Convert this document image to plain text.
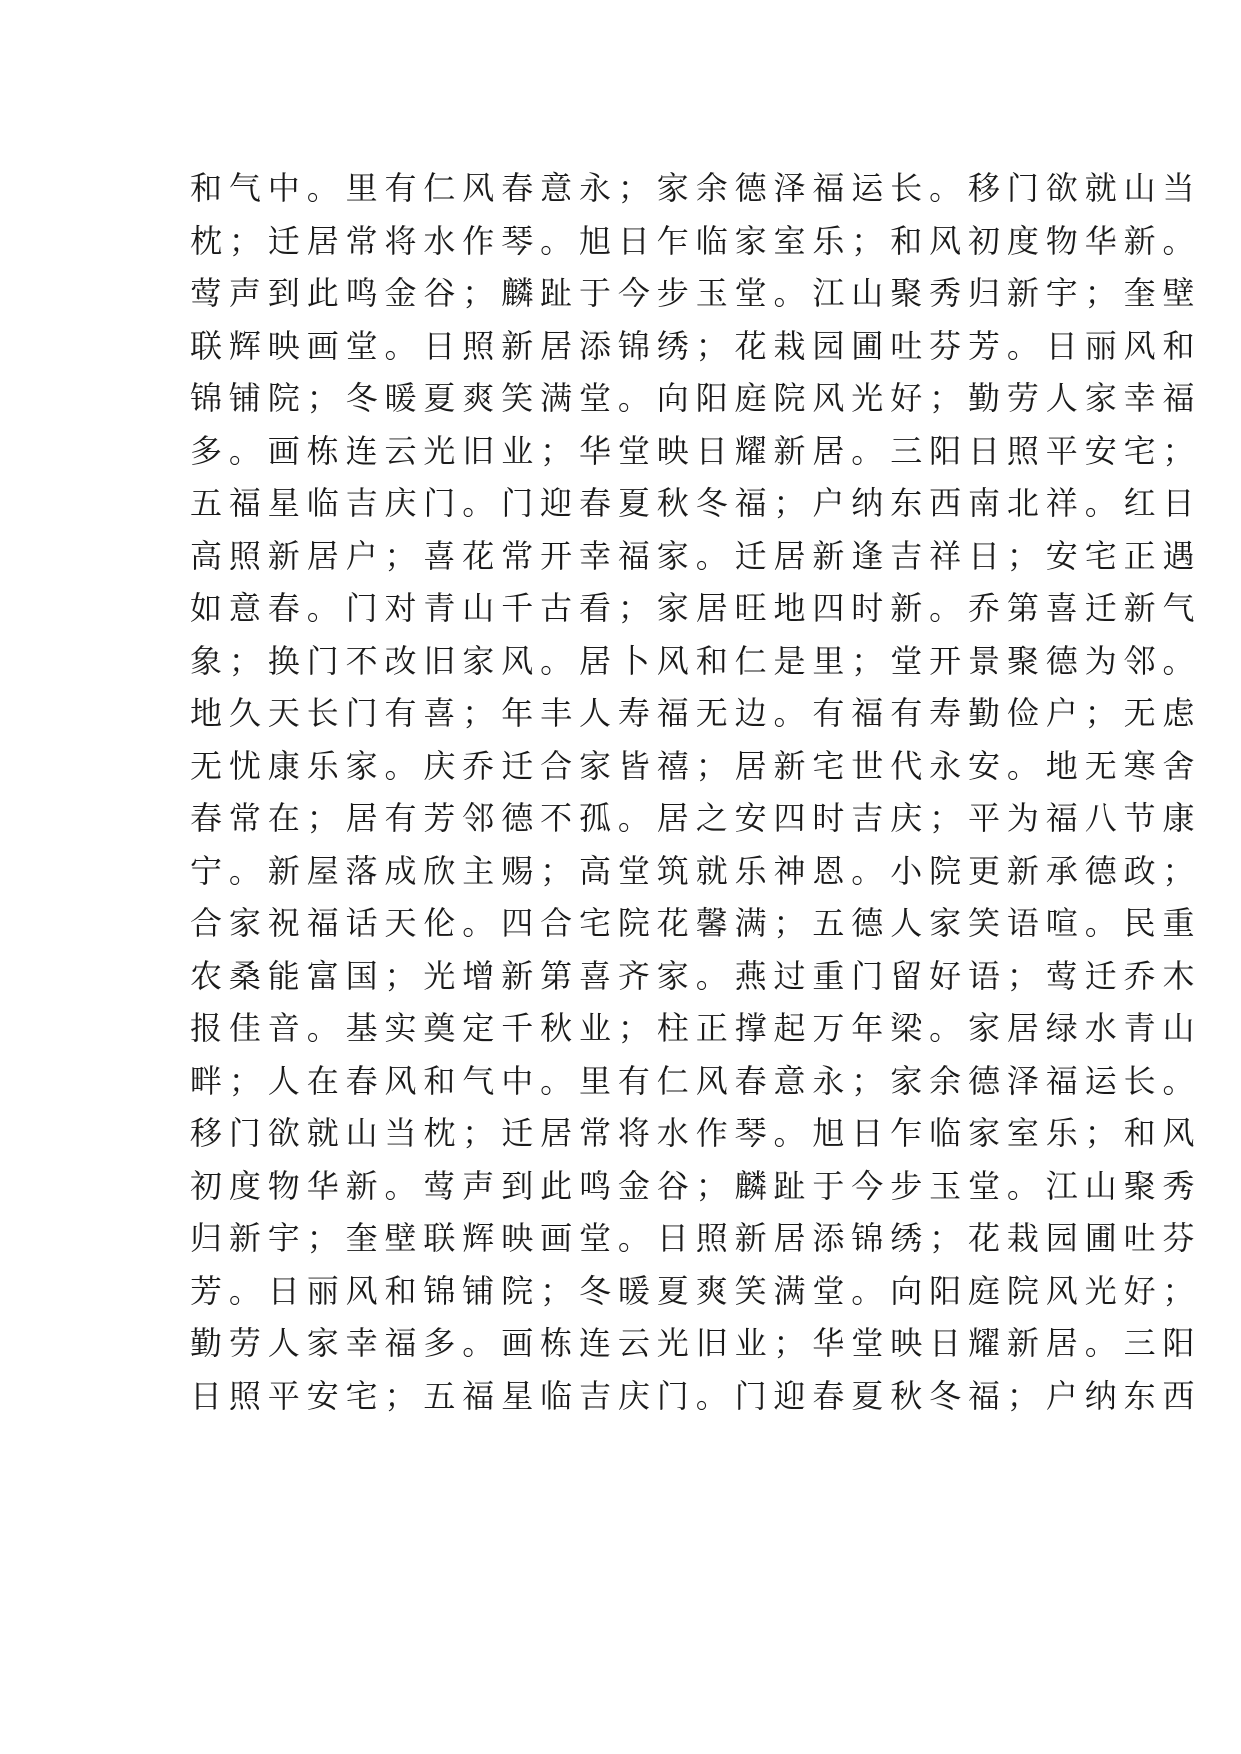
和气中。里有仁风春意永；家余德泽福运长。移门欲就山当
枕；迁居常将水作琴。旭日乍临家室乐；和风初度物华新。
莺声到此鸣金谷；麟趾于今步玉堂。江山聚秀归新宇；奎壁
联辉映画堂。日照新居添锦绣；花栽园圃吐芬芳。日丽风和
锦铺院；冬暖夏爽笑满堂。向阳庭院风光好；勤劳人家幸福
多。画栋连云光旧业；华堂映日耀新居。三阳日照平安宅；
五福星临吉庆门。门迎春夏秋冬福；户纳东西南北祥。红日
高照新居户；喜花常开幸福家。迁居新逢吉祥日；安宅正遇
如意春。门对青山千古看；家居旺地四时新。乔第喜迁新气
象；换门不改旧家风。居卜风和仁是里；堂开景聚德为邻。
地久天长门有喜；年丰人寿福无边。有福有寿勤俭户；无虑
无忧康乐家。庆乔迁合家皆禧；居新宅世代永安。地无寒舍
春常在；居有芳邻德不孤。居之安四时吉庆；平为福八节康
宁。新屋落成欣主赐；高堂筑就乐神恩。小院更新承德政；
合家祝福话天伦。四合宅院花馨满；五德人家笑语喧。民重
农桑能富国；光增新第喜齐家。燕过重门留好语；莺迁乔木
报佳音。基实奠定千秋业；柱正撑起万年梁。家居绿水青山
畔；人在春风和气中。里有仁风春意永；家余德泽福运长。
移门欲就山当枕；迁居常将水作琴。旭日乍临家室乐；和风
初度物华新。莺声到此鸣金谷；麟趾于今步玉堂。江山聚秀
归新宇；奎壁联辉映画堂。日照新居添锦绣；花栽园圃吐芬
芳。日丽风和锦铺院；冬暖夏爽笑满堂。向阳庭院风光好；
勤劳人家幸福多。画栋连云光旧业；华堂映日耀新居。三阳
日照平安宅；五福星临吉庆门。门迎春夏秋冬福；户纳东西
